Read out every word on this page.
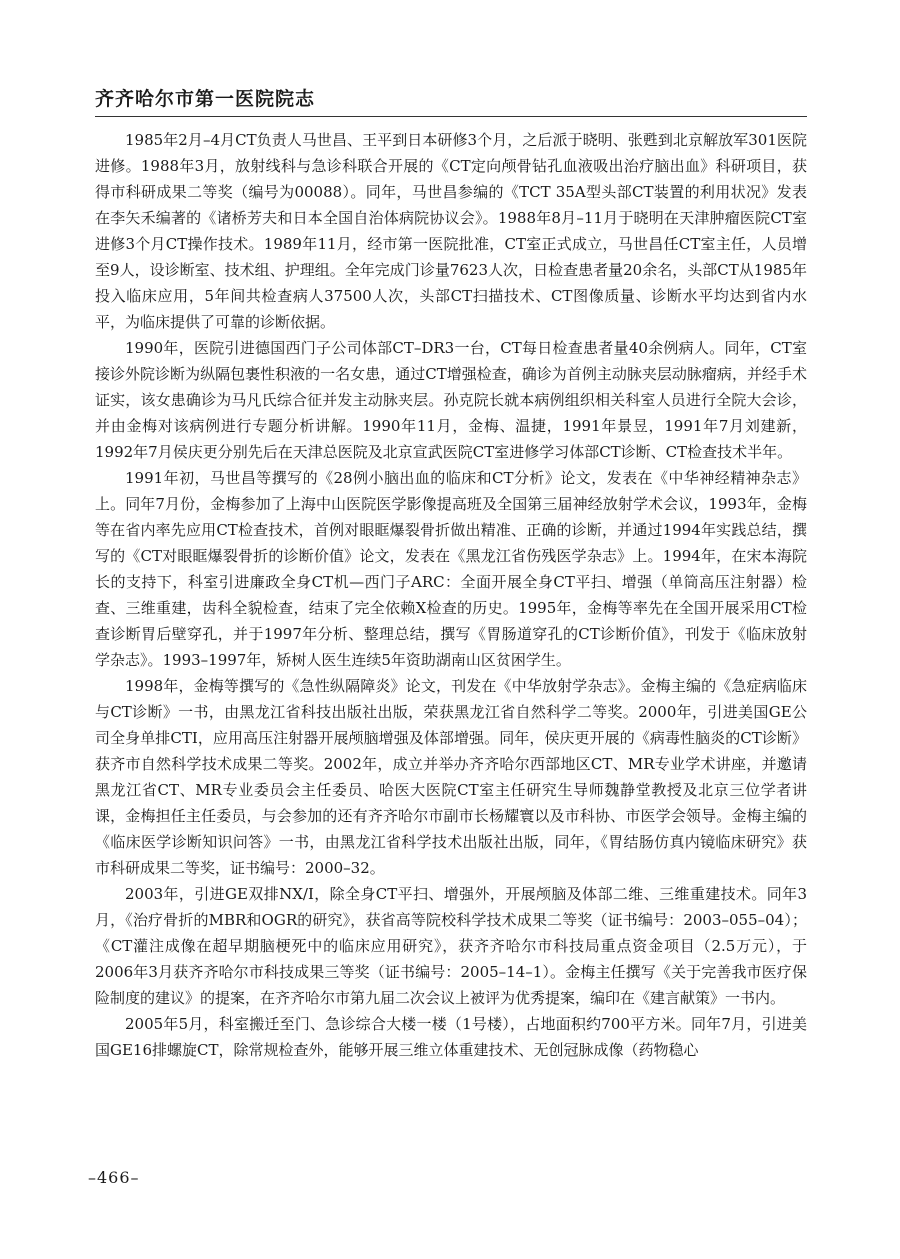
齐齐哈尔市第一医院院志

1985年2月–4月CT负责人马世昌、王平到日本研修3个月，之后派于晓明、张甦到北京解放军301医院进修。1988年3月，放射线科与急诊科联合开展的《CT定向颅骨钻孔血液吸出治疗脑出血》科研项目，获得市科研成果二等奖（编号为00088）。同年，马世昌参编的《TCT 35A型头部CT装置的利用状况》发表在李矢禾编著的《诸桥芳夫和日本全国自治体病院协议会》。1988年8月–11月于晓明在天津肿瘤医院CT室进修3个月CT操作技术。1989年11月，经市第一医院批准，CT室正式成立，马世昌任CT室主任，人员增至9人，设诊断室、技术组、护理组。全年完成门诊量7623人次，日检查患者量20余名，头部CT从1985年投入临床应用，5年间共检查病人37500人次，头部CT扫描技术、CT图像质量、诊断水平均达到省内水平，为临床提供了可靠的诊断依据。

1990年，医院引进德国西门子公司体部CT–DR3一台，CT每日检查患者量40余例病人。同年，CT室接诊外院诊断为纵隔包裹性积液的一名女患，通过CT增强检查，确诊为首例主动脉夹层动脉瘤病，并经手术证实，该女患确诊为马凡氏综合征并发主动脉夹层。孙克院长就本病例组织相关科室人员进行全院大会诊，并由金梅对该病例进行专题分析讲解。1990年11月，金梅、温捷，1991年景昱，1991年7月刘建新，1992年7月侯庆更分别先后在天津总医院及北京宣武医院CT室进修学习体部CT诊断、CT检查技术半年。

1991年初，马世昌等撰写的《28例小脑出血的临床和CT分析》论文，发表在《中华神经精神杂志》上。同年7月份，金梅参加了上海中山医院医学影像提高班及全国第三届神经放射学术会议，1993年，金梅等在省内率先应用CT检查技术，首例对眼眶爆裂骨折做出精准、正确的诊断，并通过1994年实践总结，撰写的《CT对眼眶爆裂骨折的诊断价值》论文，发表在《黑龙江省伤残医学杂志》上。1994年，在宋本海院长的支持下，科室引进廉政全身CT机—西门子ARC：全面开展全身CT平扫、增强（单筒高压注射器）检查、三维重建，齿科全貌检查，结束了完全依赖X检查的历史。1995年，金梅等率先在全国开展采用CT检查诊断胃后壁穿孔，并于1997年分析、整理总结，撰写《胃肠道穿孔的CT诊断价值》，刊发于《临床放射学杂志》。1993–1997年，矫树人医生连续5年资助湖南山区贫困学生。

1998年，金梅等撰写的《急性纵隔障炎》论文，刊发在《中华放射学杂志》。金梅主编的《急症病临床与CT诊断》一书，由黑龙江省科技出版社出版，荣获黑龙江省自然科学二等奖。2000年，引进美国GE公司全身单排CTI，应用高压注射器开展颅脑增强及体部增强。同年，侯庆更开展的《病毒性脑炎的CT诊断》获齐市自然科学技术成果二等奖。2002年，成立并举办齐齐哈尔西部地区CT、MR专业学术讲座，并邀请黑龙江省CT、MR专业委员会主任委员、哈医大医院CT室主任研究生导师魏静堂教授及北京三位学者讲课，金梅担任主任委员，与会参加的还有齐齐哈尔市副市长杨耀寰以及市科协、市医学会领导。金梅主编的《临床医学诊断知识问答》一书，由黑龙江省科学技术出版社出版，同年，《胃结肠仿真内镜临床研究》获市科研成果二等奖，证书编号：2000–32。

2003年，引进GE双排NX/I，除全身CT平扫、增强外，开展颅脑及体部二维、三维重建技术。同年3月，《治疗骨折的MBR和OGR的研究》，获省高等院校科学技术成果二等奖（证书编号：2003–055–04）；《CT灌注成像在超早期脑梗死中的临床应用研究》，获齐齐哈尔市科技局重点资金项目（2.5万元），于2006年3月获齐齐哈尔市科技成果三等奖（证书编号：2005–14–1）。金梅主任撰写《关于完善我市医疗保险制度的建议》的提案，在齐齐哈尔市第九届二次会议上被评为优秀提案，编印在《建言献策》一书内。

2005年5月，科室搬迁至门、急诊综合大楼一楼（1号楼），占地面积约700平方米。同年7月，引进美国GE16排螺旋CT，除常规检查外，能够开展三维立体重建技术、无创冠脉成像（药物稳心

–466–
